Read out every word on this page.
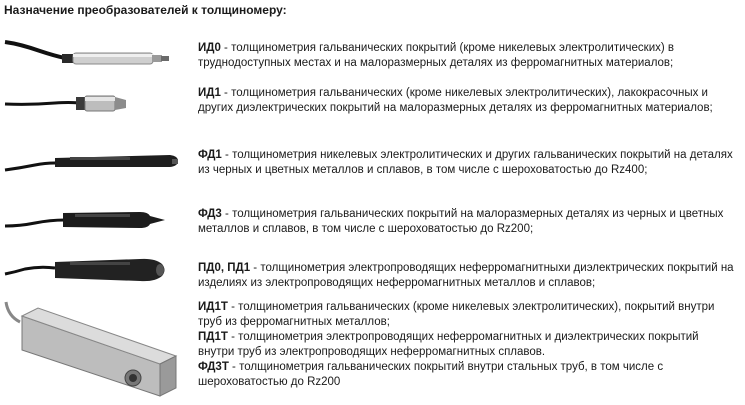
Назначение преобразователей к толщиномеру:
ИД0 - толщинометрия гальванических покрытий (кроме никелевых электролитических) в труднодоступных местах и на малоразмерных деталях из ферромагнитных материалов;
ИД1 - толщинометрия гальванических (кроме никелевых электролитических), лакокрасочных и других диэлектрических покрытий на малоразмерных деталях из ферромагнитных материалов;
ФД1 - толщинометрия никелевых электролитических и других гальванических покрытий на деталях из черных и цветных металлов и сплавов, в том числе с шероховатостью до Rz400;
ФД3 - толщинометрия гальванических покрытий на малоразмерных деталях из черных и цветных металлов и сплавов, в том числе с шероховатостью до Rz200;
ПД0, ПД1 - толщинометрия электропроводящих неферромагнитныхи диэлектрических покрытий на изделиях из электропроводящих неферромагнитных металлов и сплавов;

ИД1Т - толщинометрия гальванических (кроме никелевых электролитических), покрытий внутри труб из ферромагнитных металлов;

ПД1Т - толщинометрия электропроводящих неферромагнитных и диэлектрических покрытий внутри труб из электропроводящих неферромагнитных сплавов.

ФД3Т - толщинометрия гальванических покрытий внутри стальных труб, в том числе с шероховатостью до Rz200
